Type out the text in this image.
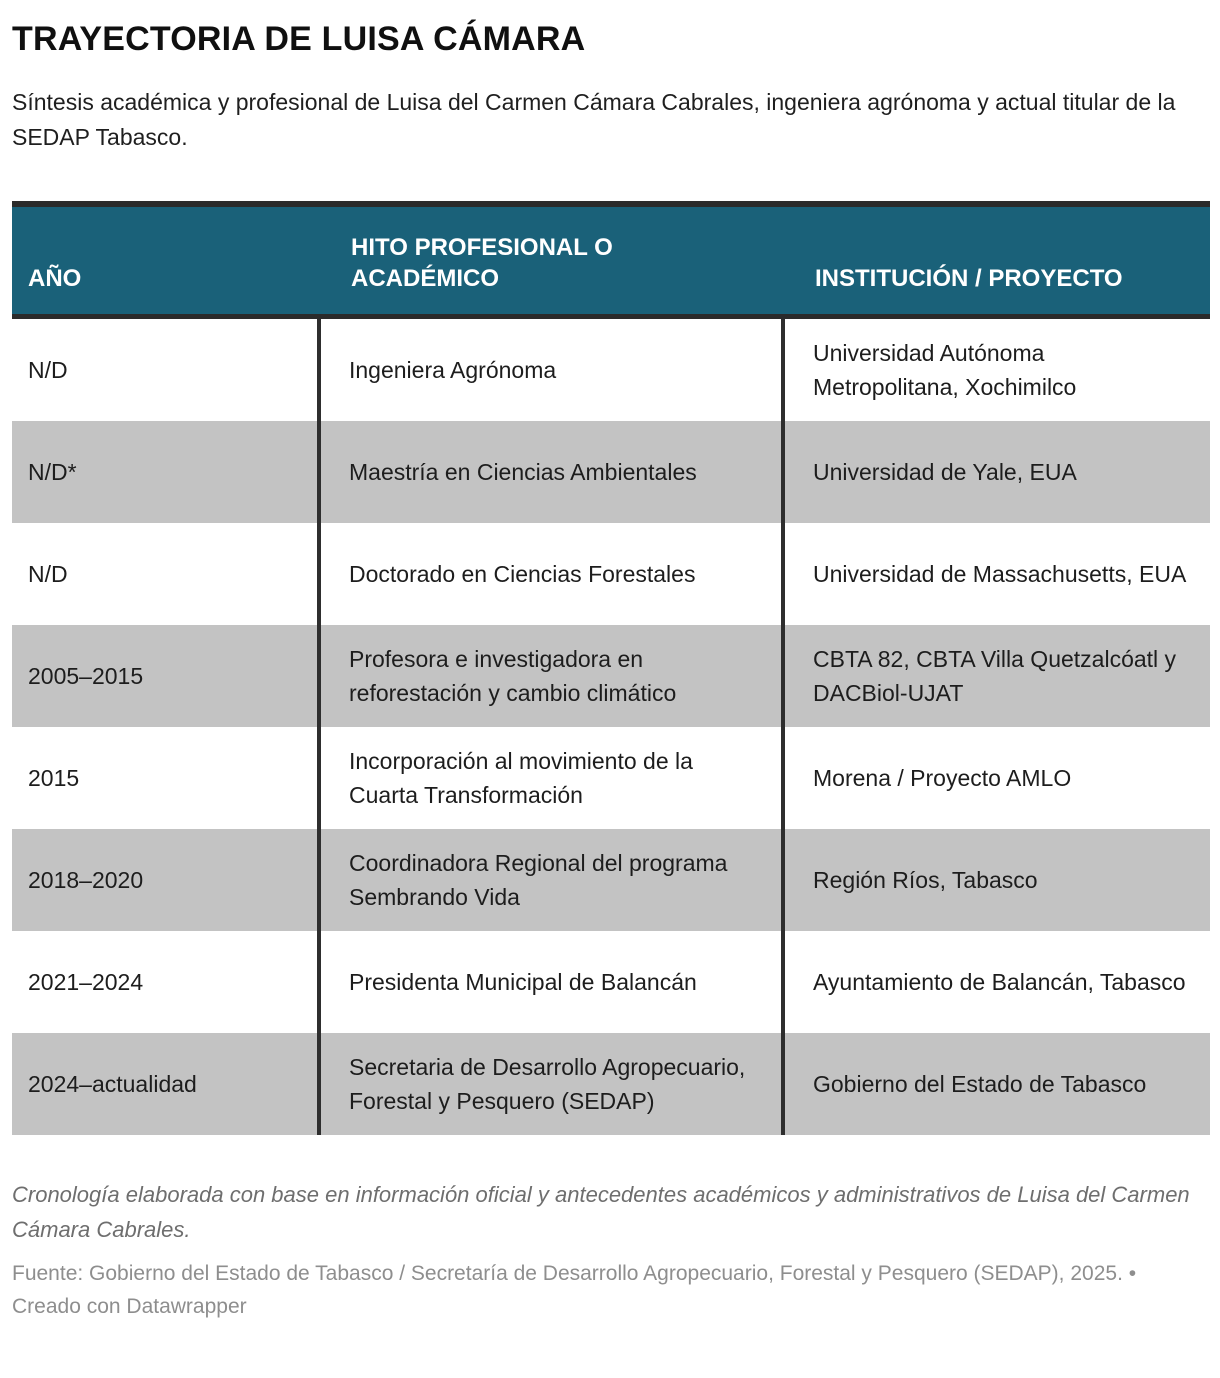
TRAYECTORIA DE LUISA CÁMARA

Síntesis académica y profesional de Luisa del Carmen Cámara Cabrales, ingeniera agrónoma y actual titular de la SEDAP Tabasco.

AÑO	HITO PROFESIONAL O ACADÉMICO	INSTITUCIÓN / PROYECTO
N/D	Ingeniera Agrónoma	Universidad Autónoma Metropolitana, Xochimilco
N/D*	Maestría en Ciencias Ambientales	Universidad de Yale, EUA
N/D	Doctorado en Ciencias Forestales	Universidad de Massachusetts, EUA
2005–2015	Profesora e investigadora en reforestación y cambio climático	CBTA 82, CBTA Villa Quetzalcóatl y DACBiol-UJAT
2015	Incorporación al movimiento de la Cuarta Transformación	Morena / Proyecto AMLO
2018–2020	Coordinadora Regional del programa Sembrando Vida	Región Ríos, Tabasco
2021–2024	Presidenta Municipal de Balancán	Ayuntamiento de Balancán, Tabasco
2024–actualidad	Secretaria de Desarrollo Agropecuario, Forestal y Pesquero (SEDAP)	Gobierno del Estado de Tabasco

Cronología elaborada con base en información oficial y antecedentes académicos y administrativos de Luisa del Carmen Cámara Cabrales.

Fuente: Gobierno del Estado de Tabasco / Secretaría de Desarrollo Agropecuario, Forestal y Pesquero (SEDAP), 2025. • Creado con Datawrapper
